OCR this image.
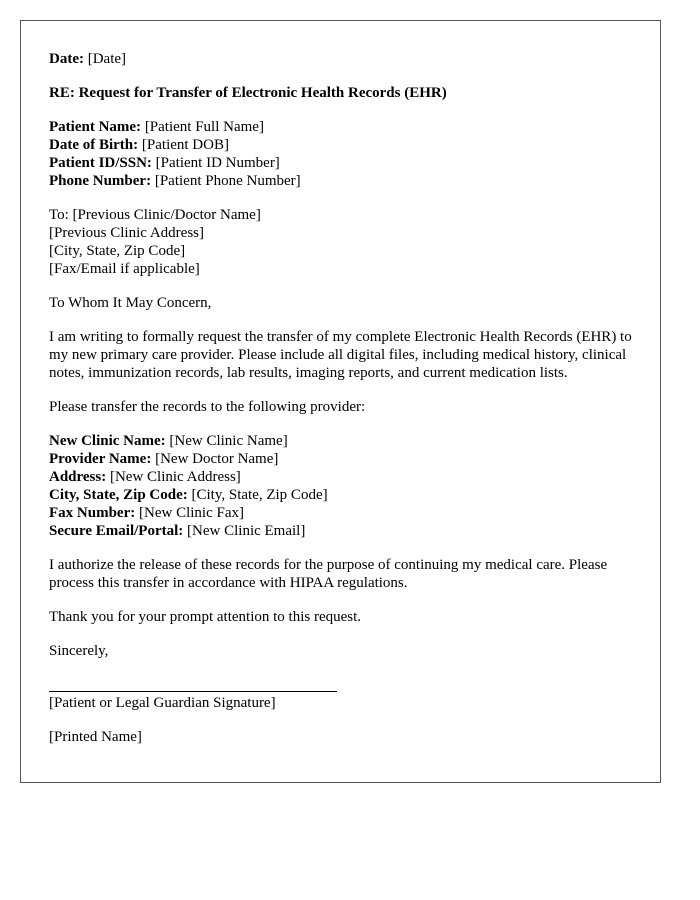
Date: [Date]

RE: Request for Transfer of Electronic Health Records (EHR)

Patient Name: [Patient Full Name]
Date of Birth: [Patient DOB]
Patient ID/SSN: [Patient ID Number]
Phone Number: [Patient Phone Number]

To: [Previous Clinic/Doctor Name]
[Previous Clinic Address]
[City, State, Zip Code]
[Fax/Email if applicable]

To Whom It May Concern,

I am writing to formally request the transfer of my complete Electronic Health Records (EHR) to my new primary care provider. Please include all digital files, including medical history, clinical notes, immunization records, lab results, imaging reports, and current medication lists.

Please transfer the records to the following provider:

New Clinic Name: [New Clinic Name]
Provider Name: [New Doctor Name]
Address: [New Clinic Address]
City, State, Zip Code: [City, State, Zip Code]
Fax Number: [New Clinic Fax]
Secure Email/Portal: [New Clinic Email]

I authorize the release of these records for the purpose of continuing my medical care. Please process this transfer in accordance with HIPAA regulations.

Thank you for your prompt attention to this request.

Sincerely,

[Patient or Legal Guardian Signature]

[Printed Name]
